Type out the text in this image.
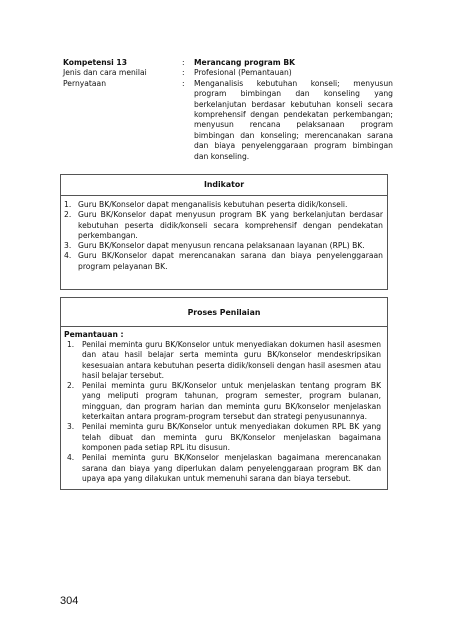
Kompetensi 13	:	Merancang program BK
Jenis dan cara menilai	:	Profesional (Pemantauan)
Pernyataan	:	Menganalisis kebutuhan konseli; menyusun program bimbingan dan konseling yang berkelanjutan berdasar kebutuhan konseli secara komprehensif dengan pendekatan perkembangan; menyusun rencana pelaksanaan program bimbingan dan konseling; merencanakan sarana dan biaya penyelenggaraan program bimbingan dan konseling.
Indikator
1. Guru BK/Konselor dapat menganalisis kebutuhan peserta didik/konseli.
2. Guru BK/Konselor dapat menyusun program BK yang berkelanjutan berdasar kebutuhan peserta didik/konseli secara komprehensif dengan pendekatan perkembangan.
3. Guru BK/Konselor dapat menyusun rencana pelaksanaan layanan (RPL) BK.
4. Guru BK/Konselor dapat merencanakan sarana dan biaya penyelenggaraan program pelayanan BK.
Proses Penilaian
Pemantauan :
1.	Penilai meminta guru BK/Konselor untuk menyediakan dokumen hasil asesmen dan atau hasil belajar serta meminta guru BK/konselor mendeskripsikan kesesuaian antara kebutuhan peserta didik/konseli dengan hasil asesmen atau hasil belajar tersebut.
2.	Penilai meminta guru BK/Konselor untuk menjelaskan tentang program BK yang meliputi program tahunan, program semester, program bulanan, mingguan, dan program harian dan meminta guru BK/konselor menjelaskan keterkaitan antara program-program tersebut dan strategi penyusunannya.
3.	Penilai meminta guru BK/Konselor untuk menyediakan dokumen RPL BK yang telah dibuat dan meminta guru BK/Konselor menjelaskan bagaimana komponen pada setiap RPL itu disusun.
4.	Penilai meminta guru BK/Konselor menjelaskan bagaimana merencanakan sarana dan biaya yang diperlukan dalam penyelenggaraan program BK dan upaya apa yang dilakukan untuk memenuhi sarana dan biaya tersebut.
304
